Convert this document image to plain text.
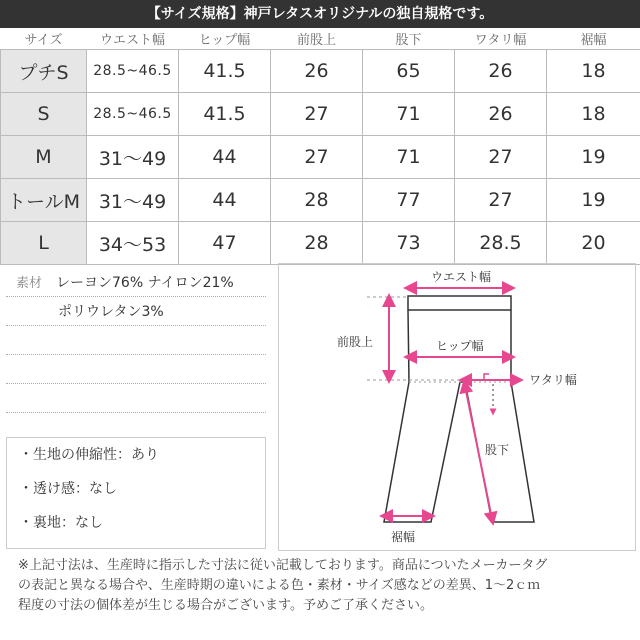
【サイズ規格】神戸レタスオリジナルの独自規格です。
サイズ	ウエスト幅	ヒップ幅	前股上	股下	ワタリ幅	裾幅
プチS	28.5~46.5	41.5	26	65	26	18
S	28.5~46.5	41.5	27	71	26	18
M	31～49	44	27	71	27	19
トールM	31～49	44	28	77	27	19
L	34～53	47	28	73	28.5	20
素材 レーヨン76% ナイロン21%
ポリウレタン3%
・生地の伸縮性：あり
・透け感：なし
・裏地：なし
ウエスト幅
ヒップ幅
前股上
ワタリ幅
股下
裾幅
※上記寸法は、生産時に指示した寸法に従い記載しております。商品についたメーカータグ
の表記と異なる場合や、生産時期の違いによる色・素材・サイズ感などの差異、1～2ｃｍ
程度の寸法の個体差が生じる場合がございます。予めご了承ください。
